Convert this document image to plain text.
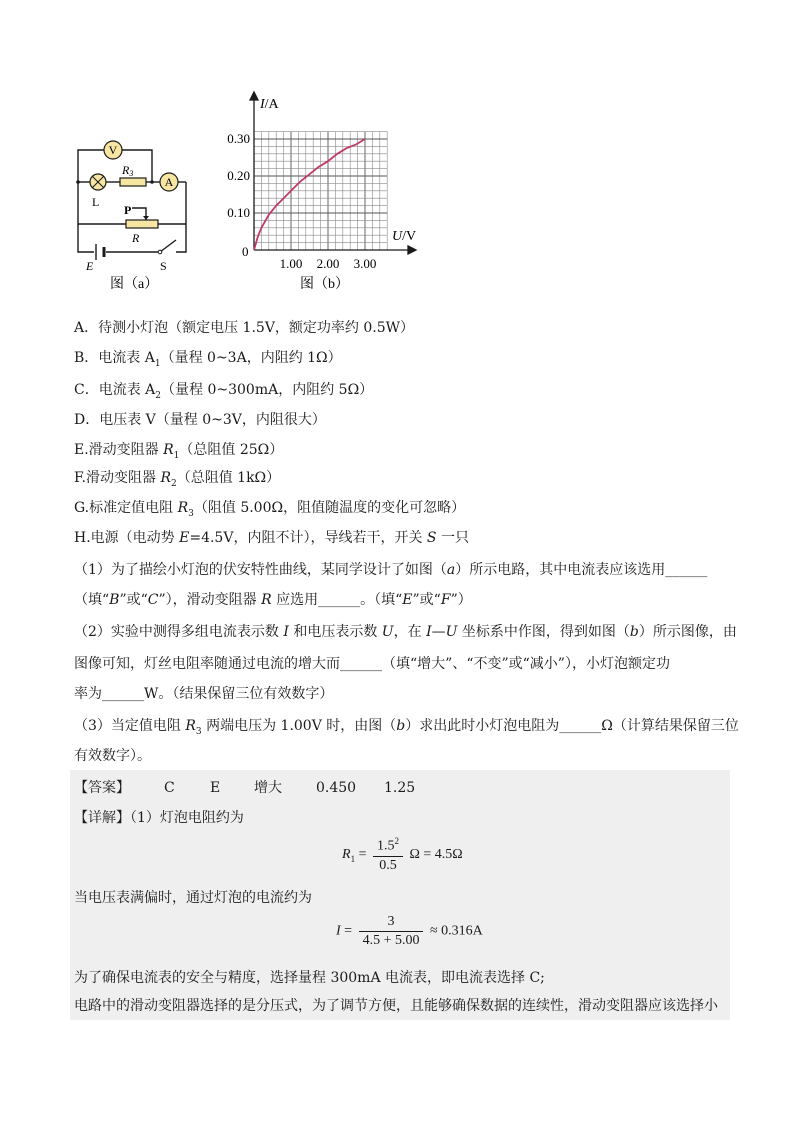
V
L
R3
A
P
R
E	S
图（a）
1.00 2.00 3.00
0.10
0.20
0.30
I/A
U/V
0
图（b）
A．待测小灯泡（额定电压 1.5V，额定功率约 0.5W）
B．电流表 $A_1$（量程 0~3A，内阻约 1Ω）
C．电流表 $A_2$（量程 0~300mA，内阻约 5Ω）
D．电压表 V（量程 0~3V，内阻很大）
E.滑动变阻器 $R_1$（总阻值 25Ω）
F.滑动变阻器 $R_2$（总阻值 1kΩ）
G.标准定值电阻 $R_3$（阻值 5.00Ω，阻值随温度的变化可忽略）
H.电源（电动势 E=4.5V，内阻不计），导线若干，开关 S 一只
（1）为了描绘小灯泡的伏安特性曲线，某同学设计了如图（a）所示电路，其中电流表应该选用______
（填“B”或“C”），滑动变阻器 R 应选用______。（填“E”或“F”）
（2）实验中测得多组电流表示数 I 和电压表示数 U，在 I—U 坐标系中作图，得到如图（b）所示图像，由
图像可知，灯丝电阻率随通过电流的增大而______（填“增大”、“不变”或“减小”），小灯泡额定功
率为______W。（结果保留三位有效数字）
（3）当定值电阻 $R_3$ 两端电压为 1.00V 时，由图（b）求出此时小灯泡电阻为______Ω（计算结果保留三位
有效数字）。
【答案】 C	E 增大 0.450 1.25
【详解】（1）灯泡电阻约为
$R_1 = \frac{1.5^2}{0.5}$ Ω = 4.5Ω
当电压表满偏时，通过灯泡的电流约为
$I = \frac{3}{4.5 + 5.00} \approx 0.316A$
为了确保电流表的安全与精度，选择量程 300mA 电流表，即电流表选择 C;
电路中的滑动变阻器选择的是分压式，为了调节方便，且能够确保数据的连续性，滑动变阻器应该选择小
